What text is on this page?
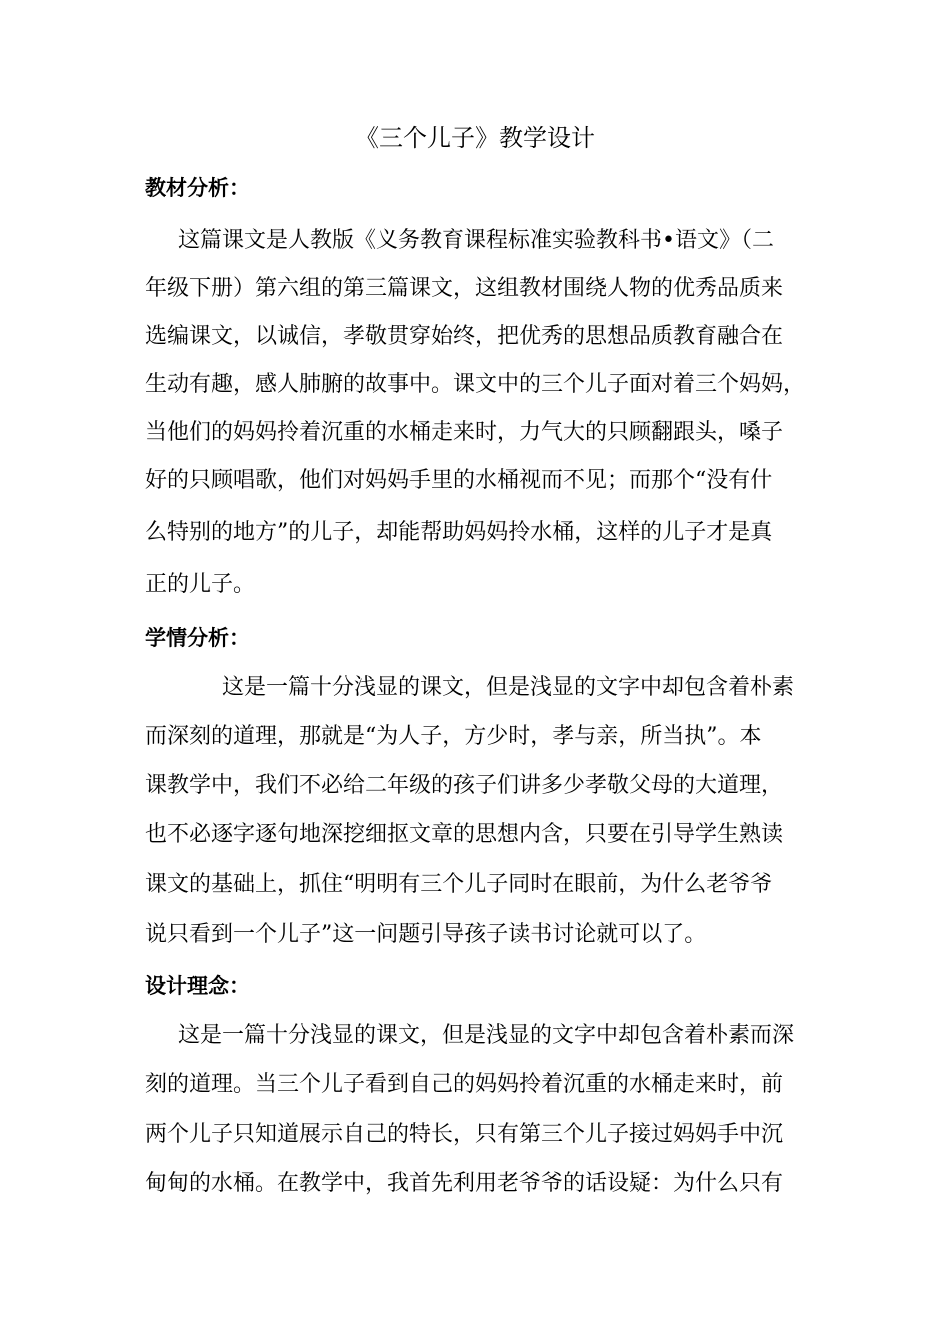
《三个儿子》教学设计
教材分析：
这篇课文是人教版《义务教育课程标准实验教科书•语文》（二
年级下册）第六组的第三篇课文，这组教材围绕人物的优秀品质来
选编课文，以诚信，孝敬贯穿始终，把优秀的思想品质教育融合在
生动有趣，感人肺腑的故事中。课文中的三个儿子面对着三个妈妈，
当他们的妈妈拎着沉重的水桶走来时，力气大的只顾翻跟头，嗓子
好的只顾唱歌，他们对妈妈手里的水桶视而不见；而那个“没有什
么特别的地方”的儿子，却能帮助妈妈拎水桶，这样的儿子才是真
正的儿子。
学情分析：
这是一篇十分浅显的课文，但是浅显的文字中却包含着朴素
而深刻的道理，那就是“为人子，方少时，孝与亲，所当执”。本
课教学中，我们不必给二年级的孩子们讲多少孝敬父母的大道理，
也不必逐字逐句地深挖细抠文章的思想内含，只要在引导学生熟读
课文的基础上，抓住“明明有三个儿子同时在眼前，为什么老爷爷
说只看到一个儿子”这一问题引导孩子读书讨论就可以了。
设计理念：
这是一篇十分浅显的课文，但是浅显的文字中却包含着朴素而深
刻的道理。当三个儿子看到自己的妈妈拎着沉重的水桶走来时，前
两个儿子只知道展示自己的特长，只有第三个儿子接过妈妈手中沉
甸甸的水桶。在教学中，我首先利用老爷爷的话设疑：为什么只有
